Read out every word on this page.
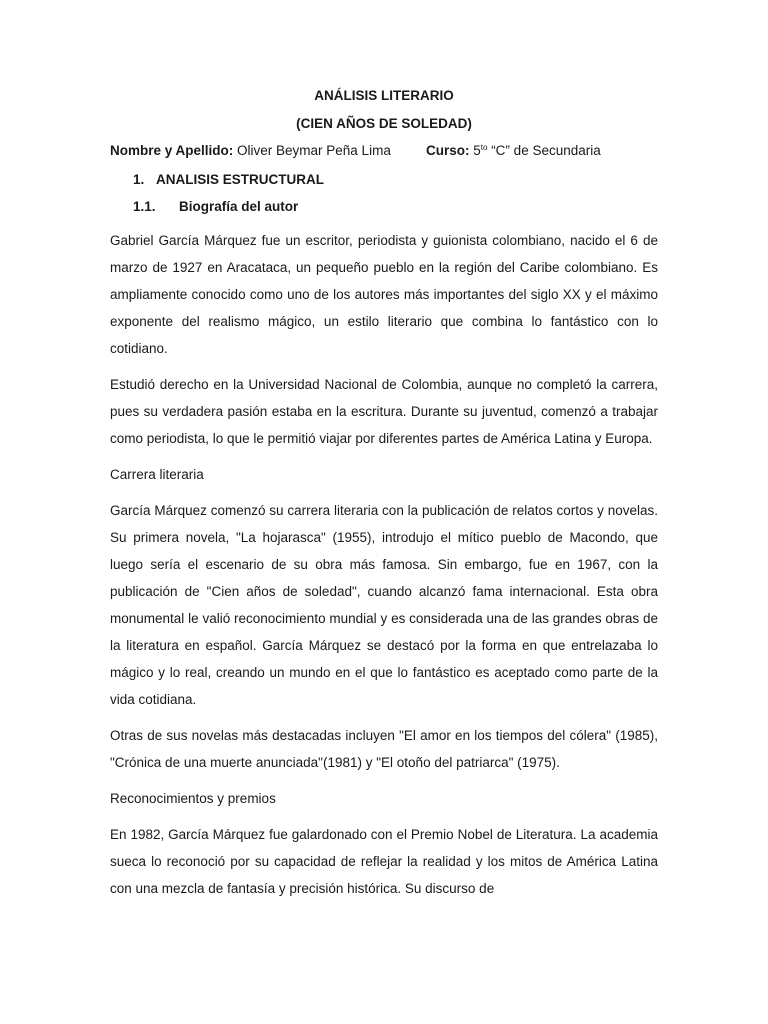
ANÁLISIS LITERARIO
(CIEN AÑOS DE SOLEDAD)
Nombre y Apellido: Oliver Beymar Peña Lima	Curso: $5^{to}$ “C” de Secundaria
1. ANALISIS ESTRUCTURAL
1.1. Biografía del autor

Gabriel García Márquez fue un escritor, periodista y guionista colombiano, nacido el 6 de marzo de 1927 en Aracataca, un pequeño pueblo en la región del Caribe colombiano. Es ampliamente conocido como uno de los autores más importantes del siglo XX y el máximo exponente del realismo mágico, un estilo literario que combina lo fantástico con lo cotidiano.

Estudió derecho en la Universidad Nacional de Colombia, aunque no completó la carrera, pues su verdadera pasión estaba en la escritura. Durante su juventud, comenzó a trabajar como periodista, lo que le permitió viajar por diferentes partes de América Latina y Europa.

Carrera literaria

García Márquez comenzó su carrera literaria con la publicación de relatos cortos y novelas. Su primera novela, "La hojarasca" (1955), introdujo el mítico pueblo de Macondo, que luego sería el escenario de su obra más famosa. Sin embargo, fue en 1967, con la publicación de "Cien años de soledad", cuando alcanzó fama internacional. Esta obra monumental le valió reconocimiento mundial y es considerada una de las grandes obras de la literatura en español. García Márquez se destacó por la forma en que entrelazaba lo mágico y lo real, creando un mundo en el que lo fantástico es aceptado como parte de la vida cotidiana.

Otras de sus novelas más destacadas incluyen "El amor en los tiempos del cólera" (1985), "Crónica de una muerte anunciada"(1981) y "El otoño del patriarca" (1975).

Reconocimientos y premios

En 1982, García Márquez fue galardonado con el Premio Nobel de Literatura. La academia sueca lo reconoció por su capacidad de reflejar la realidad y los mitos de América Latina con una mezcla de fantasía y precisión histórica. Su discurso de
